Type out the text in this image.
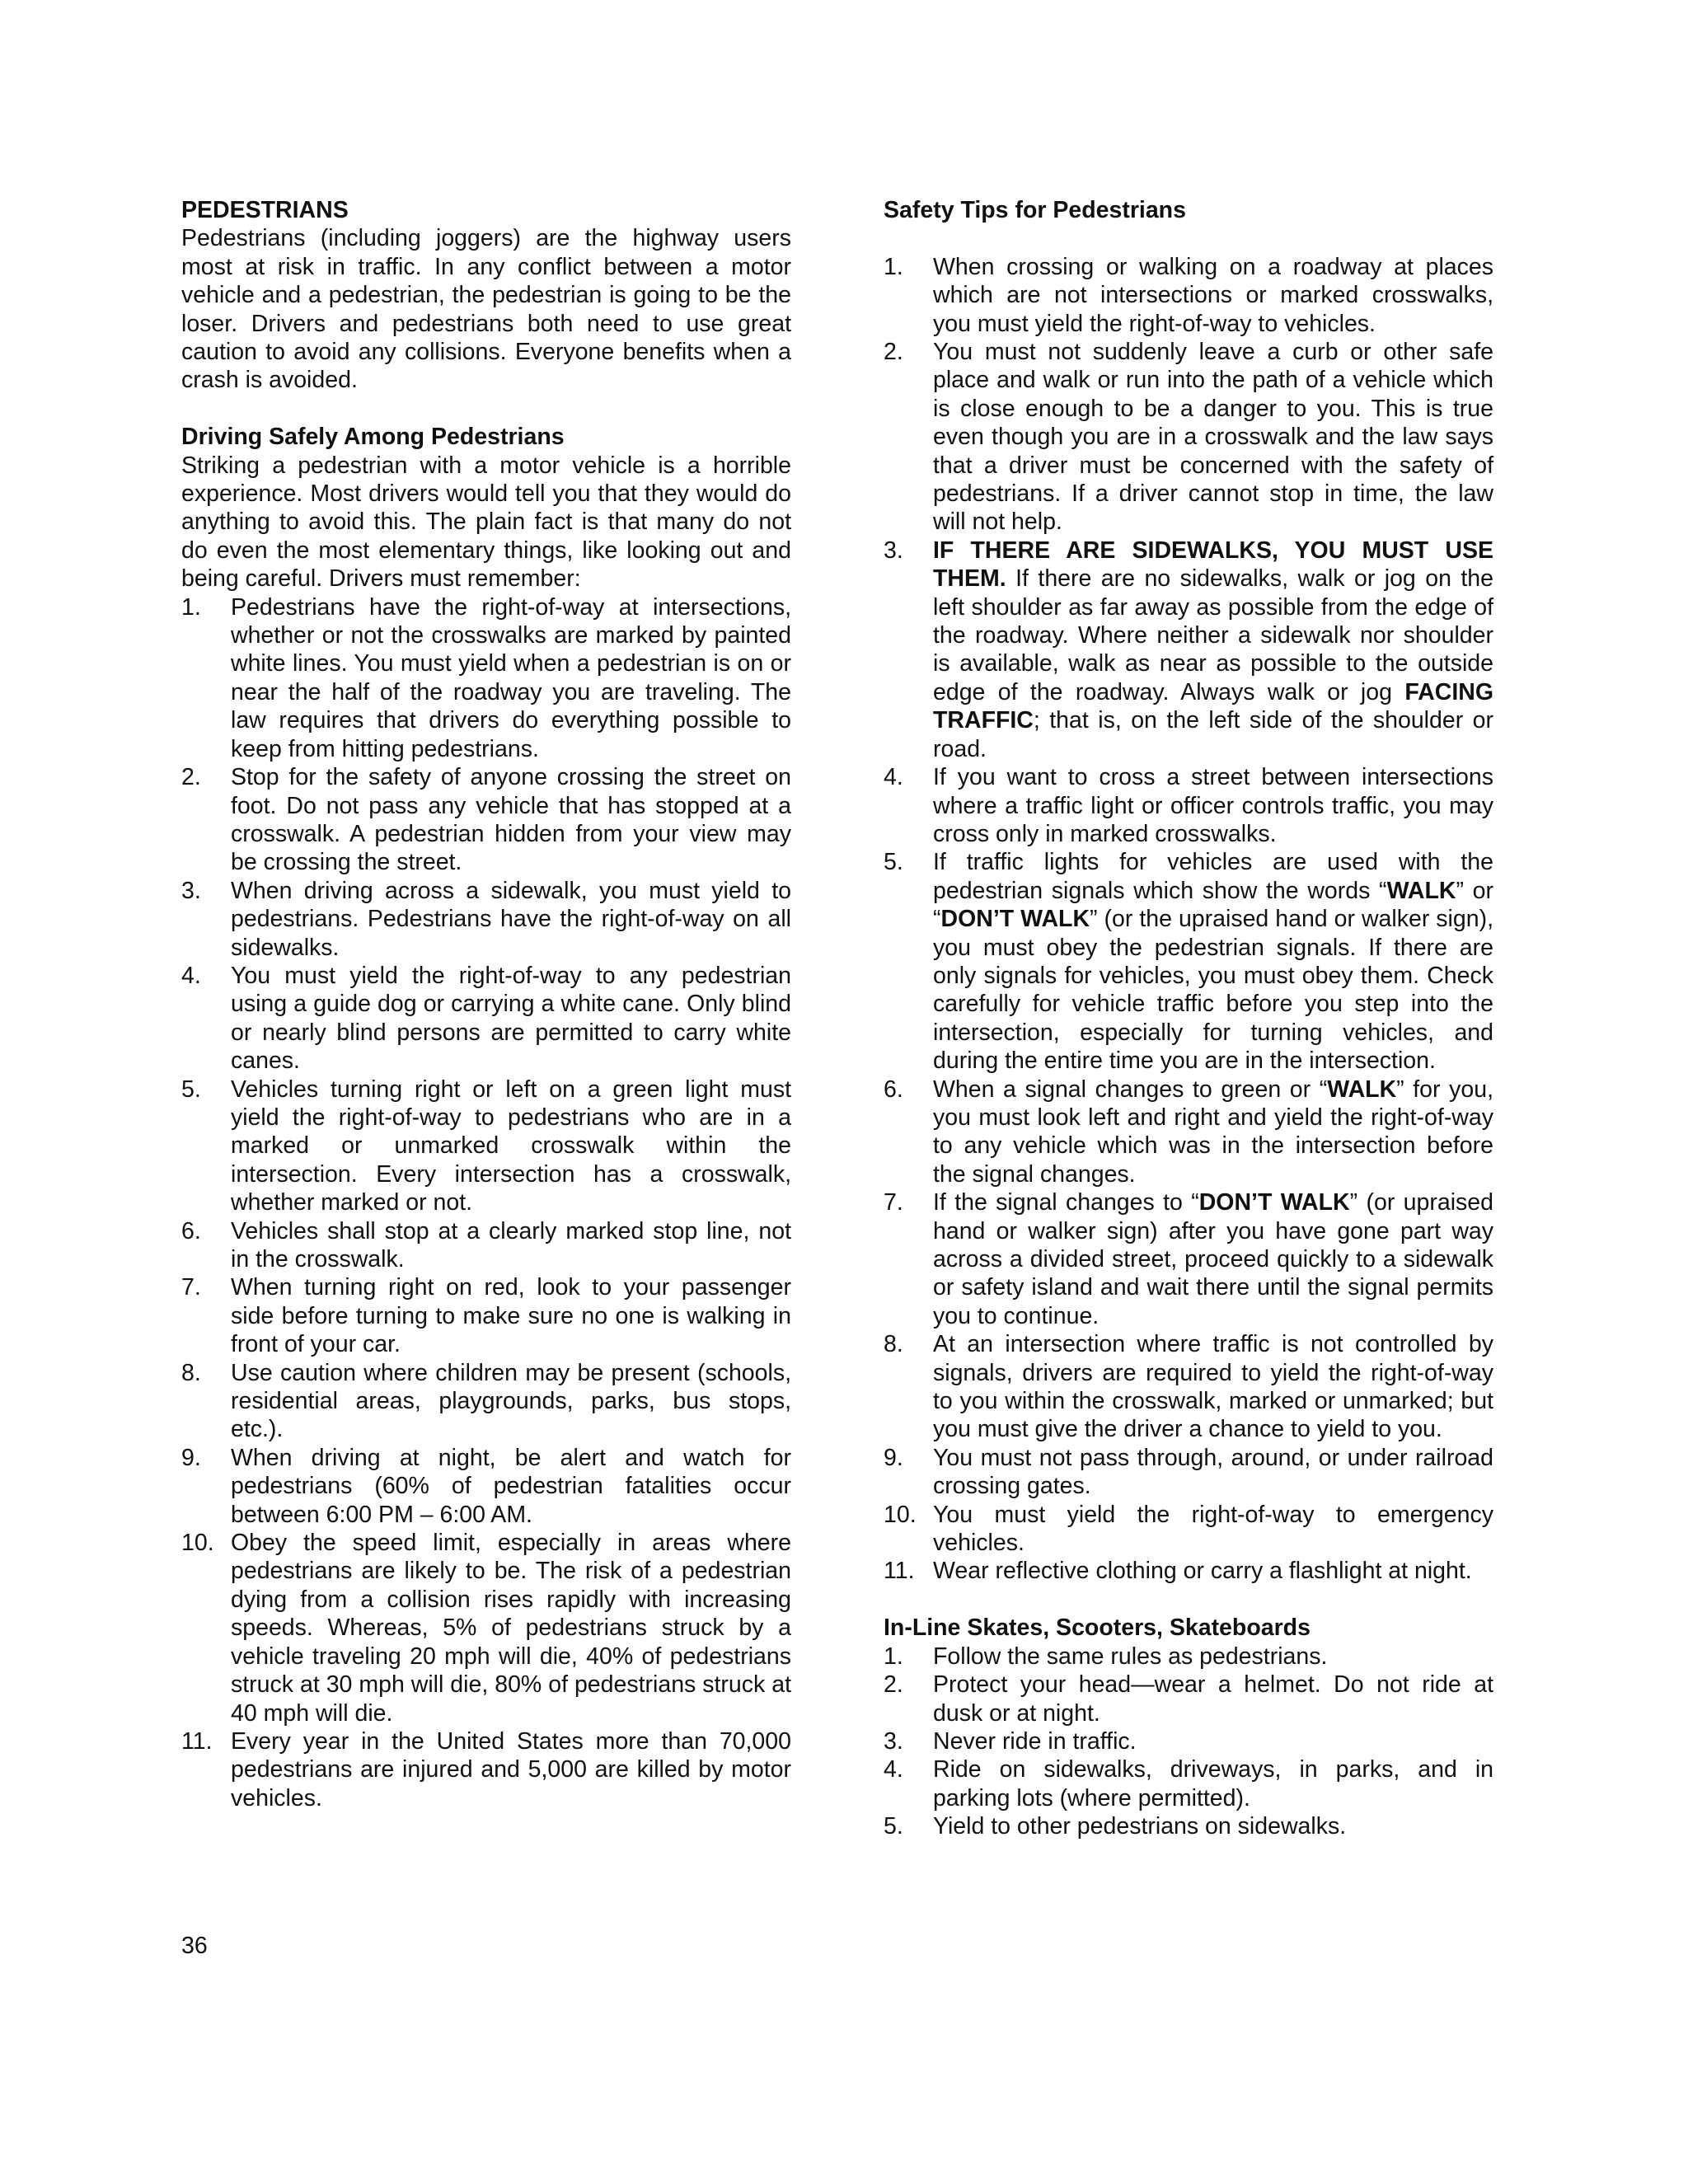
PEDESTRIANS

Pedestrians (including joggers) are the highway users most at risk in traffic. In any conflict between a motor vehicle and a pedestrian, the pedestrian is going to be the loser. Drivers and pedestrians both need to use great caution to avoid any collisions. Everyone benefits when a crash is avoided.

Driving Safely Among Pedestrians

Striking a pedestrian with a motor vehicle is a horrible experience. Most drivers would tell you that they would do anything to avoid this. The plain fact is that many do not do even the most elementary things, like looking out and being careful. Drivers must remember:

1. Pedestrians have the right-of-way at intersections, whether or not the crosswalks are marked by painted white lines. You must yield when a pedestrian is on or near the half of the roadway you are traveling. The law requires that drivers do everything possible to keep from hitting pedestrians.
2. Stop for the safety of anyone crossing the street on foot. Do not pass any vehicle that has stopped at a crosswalk. A pedestrian hidden from your view may be crossing the street.
3. When driving across a sidewalk, you must yield to pedestrians. Pedestrians have the right-of-way on all sidewalks.
4. You must yield the right-of-way to any pedestrian using a guide dog or carrying a white cane. Only blind or nearly blind persons are permitted to carry white canes.
5. Vehicles turning right or left on a green light must yield the right-of-way to pedestrians who are in a marked or unmarked crosswalk within the intersection. Every intersection has a crosswalk, whether marked or not.
6. Vehicles shall stop at a clearly marked stop line, not in the crosswalk.
7. When turning right on red, look to your passenger side before turning to make sure no one is walking in front of your car.
8. Use caution where children may be present (schools, residential areas, playgrounds, parks, bus stops, etc.).
9. When driving at night, be alert and watch for pedestrians (60% of pedestrian fatalities occur between 6:00 PM – 6:00 AM.
10. Obey the speed limit, especially in areas where pedestrians are likely to be. The risk of a pedestrian dying from a collision rises rapidly with increasing speeds. Whereas, 5% of pedestrians struck by a vehicle traveling 20 mph will die, 40% of pedestrians struck at 30 mph will die, 80% of pedestrians struck at 40 mph will die.
11. Every year in the United States more than 70,000 pedestrians are injured and 5,000 are killed by motor vehicles.

Safety Tips for Pedestrians

1. When crossing or walking on a roadway at places which are not intersections or marked crosswalks, you must yield the right-of-way to vehicles.
2. You must not suddenly leave a curb or other safe place and walk or run into the path of a vehicle which is close enough to be a danger to you. This is true even though you are in a crosswalk and the law says that a driver must be concerned with the safety of pedestrians. If a driver cannot stop in time, the law will not help.
3. IF THERE ARE SIDEWALKS, YOU MUST USE THEM. If there are no sidewalks, walk or jog on the left shoulder as far away as possible from the edge of the roadway. Where neither a sidewalk nor shoulder is available, walk as near as possible to the outside edge of the roadway. Always walk or jog FACING TRAFFIC; that is, on the left side of the shoulder or road.
4. If you want to cross a street between intersections where a traffic light or officer controls traffic, you may cross only in marked crosswalks.
5. If traffic lights for vehicles are used with the pedestrian signals which show the words “WALK” or “DON’T WALK” (or the upraised hand or walker sign), you must obey the pedestrian signals. If there are only signals for vehicles, you must obey them. Check carefully for vehicle traffic before you step into the intersection, especially for turning vehicles, and during the entire time you are in the intersection.
6. When a signal changes to green or “WALK” for you, you must look left and right and yield the right-of-way to any vehicle which was in the intersection before the signal changes.
7. If the signal changes to “DON’T WALK” (or upraised hand or walker sign) after you have gone part way across a divided street, proceed quickly to a sidewalk or safety island and wait there until the signal permits you to continue.
8. At an intersection where traffic is not controlled by signals, drivers are required to yield the right-of-way to you within the crosswalk, marked or unmarked; but you must give the driver a chance to yield to you.
9. You must not pass through, around, or under railroad crossing gates.
10. You must yield the right-of-way to emergency vehicles.
11. Wear reflective clothing or carry a flashlight at night.

In-Line Skates, Scooters, Skateboards

1. Follow the same rules as pedestrians.
2. Protect your head—wear a helmet. Do not ride at dusk or at night.
3. Never ride in traffic.
4. Ride on sidewalks, driveways, in parks, and in parking lots (where permitted).
5. Yield to other pedestrians on sidewalks.
36
